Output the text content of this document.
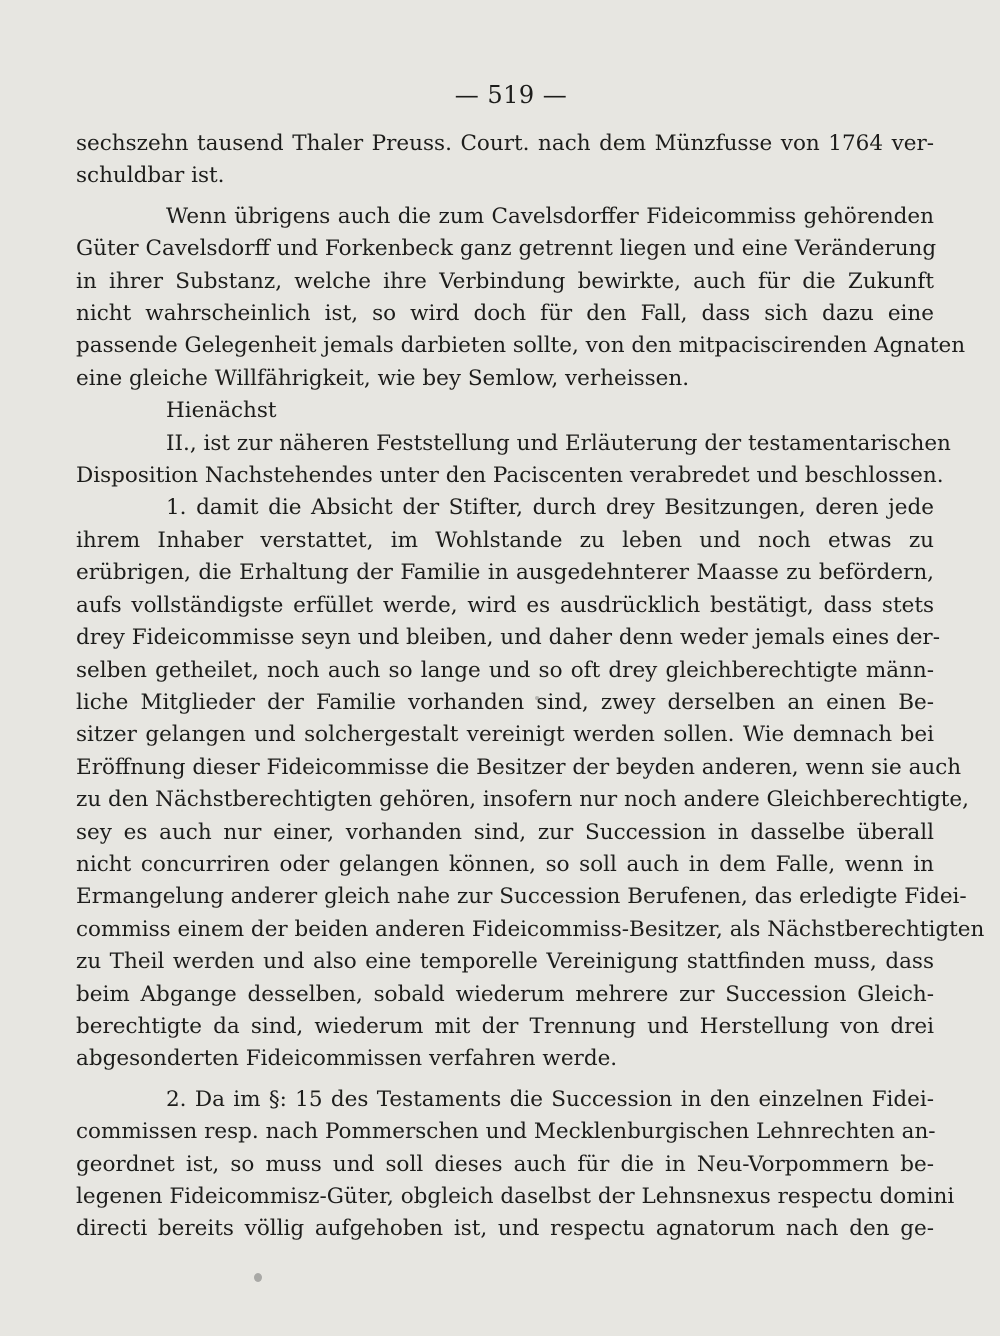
— 519 —
sechszehn tausend Thaler Preuss. Court. nach dem Münzfusse von 1764 ver-
schuldbar ist.
Wenn übrigens auch die zum Cavelsdorffer Fideicommiss gehörenden
Güter Cavelsdorff und Forkenbeck ganz getrennt liegen und eine Veränderung
in ihrer Substanz, welche ihre Verbindung bewirkte, auch für die Zukunft
nicht wahrscheinlich ist, so wird doch für den Fall, dass sich dazu eine
passende Gelegenheit jemals darbieten sollte, von den mitpaciscirenden Agnaten
eine gleiche Willfährigkeit, wie bey Semlow, verheissen.
Hienächst
II., ist zur näheren Feststellung und Erläuterung der testamentarischen
Disposition Nachstehendes unter den Paciscenten verabredet und beschlossen.
1. damit die Absicht der Stifter, durch drey Besitzungen, deren jede
ihrem Inhaber verstattet, im Wohlstande zu leben und noch etwas zu
erübrigen, die Erhaltung der Familie in ausgedehnterer Maasse zu befördern,
aufs vollständigste erfüllet werde, wird es ausdrücklich bestätigt, dass stets
drey Fideicommisse seyn und bleiben, und daher denn weder jemals eines der-
selben getheilet, noch auch so lange und so oft drey gleichberechtigte männ-
liche Mitglieder der Familie vorhanden sind, zwey derselben an einen Be-
sitzer gelangen und solchergestalt vereinigt werden sollen. Wie demnach bei
Eröffnung dieser Fideicommisse die Besitzer der beyden anderen, wenn sie auch
zu den Nächstberechtigten gehören, insofern nur noch andere Gleichberechtigte,
sey es auch nur einer, vorhanden sind, zur Succession in dasselbe überall
nicht concurriren oder gelangen können, so soll auch in dem Falle, wenn in
Ermangelung anderer gleich nahe zur Succession Berufenen, das erledigte Fidei-
commiss einem der beiden anderen Fideicommiss-Besitzer, als Nächstberechtigten
zu Theil werden und also eine temporelle Vereinigung stattfinden muss, dass
beim Abgange desselben, sobald wiederum mehrere zur Succession Gleich-
berechtigte da sind, wiederum mit der Trennung und Herstellung von drei
abgesonderten Fideicommissen verfahren werde.
2. Da im §: 15 des Testaments die Succession in den einzelnen Fidei-
commissen resp. nach Pommerschen und Mecklenburgischen Lehnrechten an-
geordnet ist, so muss und soll dieses auch für die in Neu-Vorpommern be-
legenen Fideicommisz-Güter, obgleich daselbst der Lehnsnexus respectu domini
directi bereits völlig aufgehoben ist, und respectu agnatorum nach den ge-
